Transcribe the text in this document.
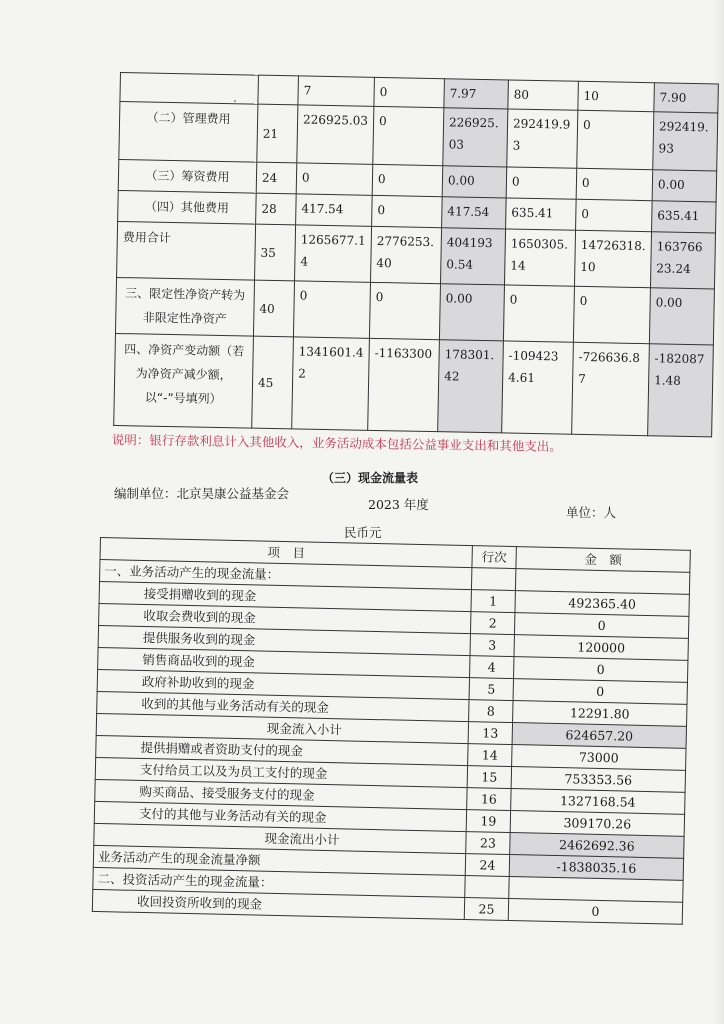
		7	0	7.97	80	10	7.90
（二）管理费用	21	226925.03	0	226925.03	292419.93	0	292419.93
（三）筹资费用	24	0	0	0.00	0	0	0.00
（四）其他费用	28	417.54	0	417.54	635.41	0	635.41
费用合计	35	1265677.14	2776253.40	4041930.54	1650305.14	14726318.10	16376623.24
三、限定性净资产转为非限定性净资产	40	0	0	0.00	0	0	0.00
四、净资产变动额（若为净资产减少额，以“-”号填列）	45	1341601.42	-1163300	178301.42	-1094234.61	-726636.87	-1820871.48
说明：银行存款利息计入其他收入，业务活动成本包括公益事业支出和其他支出。
（三）现金流量表
编制单位：北京昊康公益基金会
2023 年度
单位：人
民币元
项　目	行次	金　额
一、业务活动产生的现金流量：		
接受捐赠收到的现金	1	492365.40
收取会费收到的现金	2	0
提供服务收到的现金	3	120000
销售商品收到的现金	4	0
政府补助收到的现金	5	0
收到的其他与业务活动有关的现金	8	12291.80
现金流入小计	13	624657.20
提供捐赠或者资助支付的现金	14	73000
支付给员工以及为员工支付的现金	15	753353.56
购买商品、接受服务支付的现金	16	1327168.54
支付的其他与业务活动有关的现金	19	309170.26
现金流出小计	23	2462692.36
业务活动产生的现金流量净额	24	-1838035.16
二、投资活动产生的现金流量：		
收回投资所收到的现金	25	0
